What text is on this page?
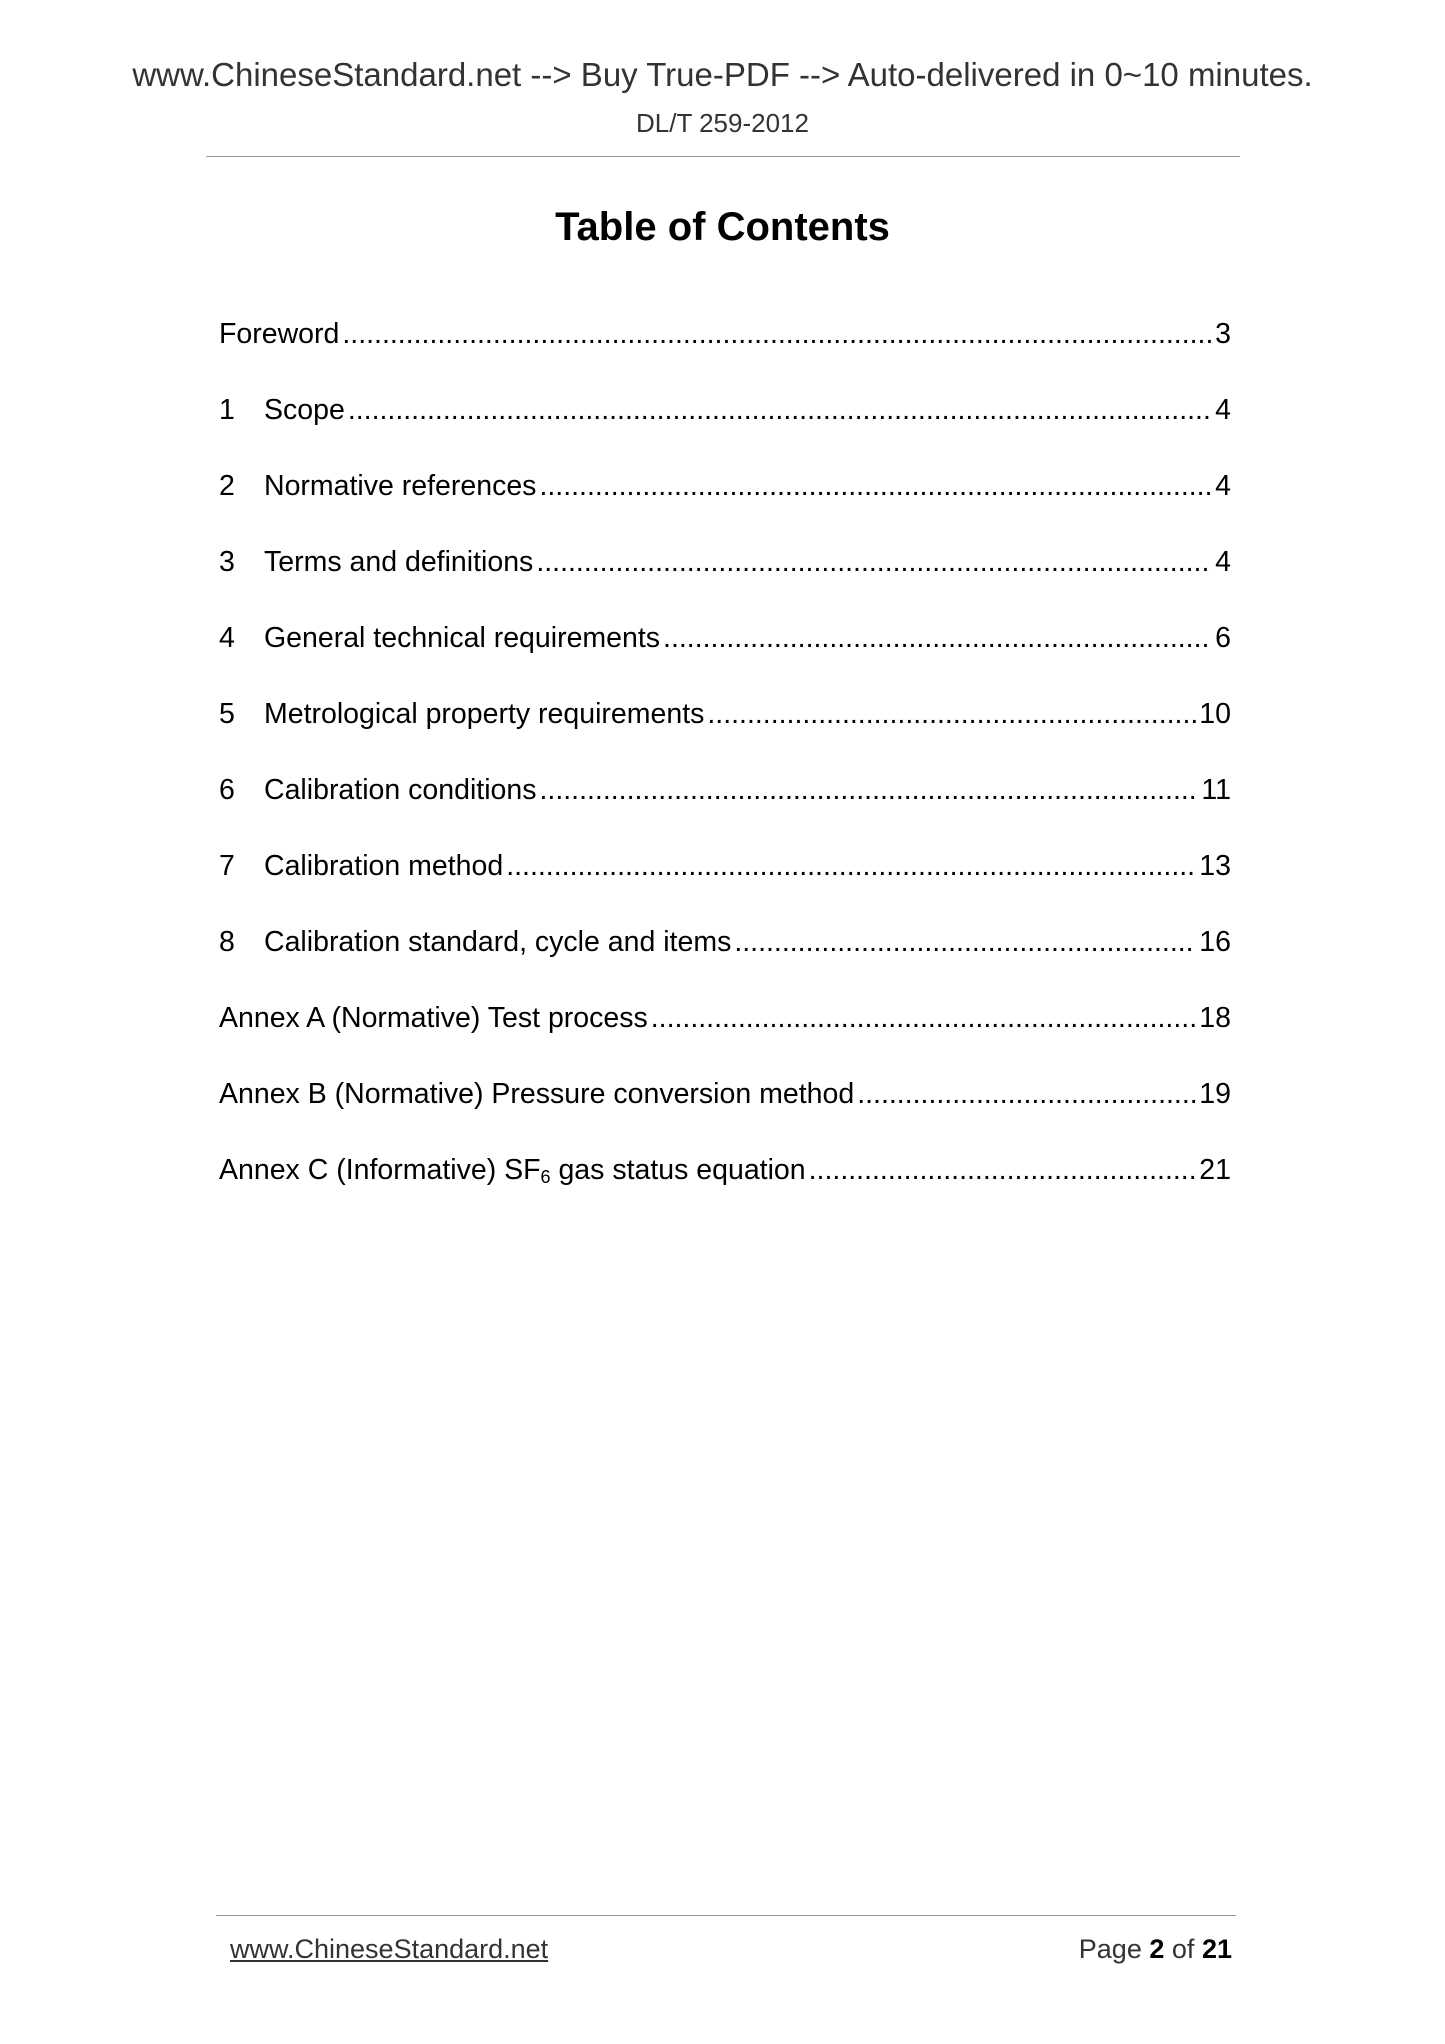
www.ChineseStandard.net --> Buy True-PDF --> Auto-delivered in 0~10 minutes.
DL/T 259-2012
Table of Contents
Foreword .....	3
1	Scope .....	4
2	Normative references .....	4
3	Terms and definitions .....	4
4	General technical requirements .....	6
5	Metrological property requirements .....	10
6	Calibration conditions .....	11
7	Calibration method .....	13
8	Calibration standard, cycle and items .....	16
Annex A (Normative) Test process .....	18
Annex B (Normative) Pressure conversion method .....	19
Annex C (Informative) $SF_6$ gas status equation .....	21
www.ChineseStandard.net	Page 2 of 21
